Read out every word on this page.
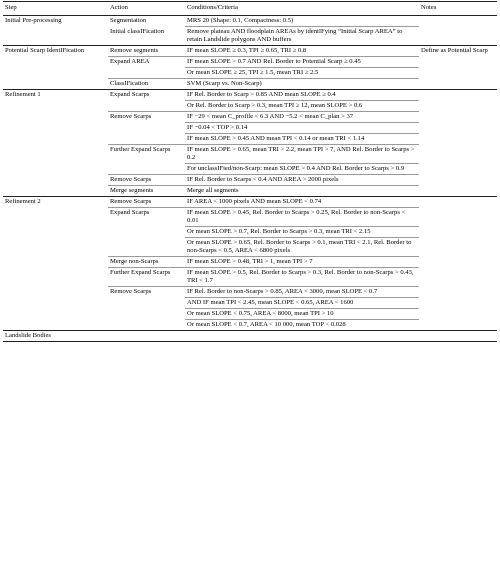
Step	Action	Conditions/Criteria	Notes
Initial Pre-processing	Segmentation	MRS 20 (Shape: 0.1, Compactness: 0.5)	
	Initial classIFication	Remove plateau AND floodplain AREAs by identIFying “Initial Scarp AREA” to retain Landslide polygons AND buffers	
Potential Scarp IdentIFication	Remove segments	IF mean SLOPE ≥ 0.3, TPI ≥ 0.65, TRI ≥ 0.8	Define as Potential Scarp
	Expand AREA	IF mean SLOPE > 0.7 AND Rel. Border to Potential Scarp ≥ 0.45	
		Or mean SLOPE ≥ 25, TPI ≥ 1.5, mean TRI ≥ 2.5	
	ClassIFication	SVM (Scarp vs. Non-Scarp)	
Refinement 1	Expand Scarps	IF Rel. Border to Scarp > 0.85 AND mean SLOPE ≥ 0.4	
		Or Rel. Border to Scarp > 0.3, mean TPI ≥ 12, mean SLOPE > 0.6	
	Remove Scarps	IF −29 < mean C_profile < 6.3 AND −5.2 < mean C_plan > 37	
		IF −0.04 < TOP > 0.14	
		IF mean SLOPE > 0.45 AND mean TPI < 0.14 or mean TRI < 1.14	
	Further Expand Scarps	IF mean SLOPE > 0.65, mean TRI > 2.2, mean TPI > 7, AND Rel. Border to Scarps > 0.2	
		For unclassIFied/non-Scarp: mean SLOPE > 0.4 AND Rel. Border to Scarps > 0.9	
	Remove Scarps	IF Rel. Border to Scarps < 0.4 AND AREA > 2000 pixels	
	Merge segments	Merge all segments	
Refinement 2	Remove Scarps	IF AREA < 1000 pixels AND mean SLOPE < 0.74	
	Expand Scarps	IF mean SLOPE > 0.45, Rel. Border to Scarps > 0.25, Rel. Border to non-Scarps < 0.01	
		Or mean SLOPE > 0.7, Rel. Border to Scarps > 0.3, mean TRI < 2.15	
		Or mean SLOPE > 0.65, Rel. Border to Scarps > 0.1, mean TRI < 2.1, Rel. Border to non-Scarps < 0.5, AREA < 6800 pixels	
	Merge non-Scarps	IF mean SLOPE > 0.48, TRI > 1, mean TPI > 7	
	Further Expand Scarps	IF mean SLOPE > 0.5, Rel. Border to Scarps > 0.3, Rel. Border to non-Scarps > 0.43, TRI < 1.7	
	Remove Scarps	IF Rel. Border to non-Scarps > 0.85, AREA < 3000, mean SLOPE < 0.7	
		AND IF mean TPI < 2.45, mean SLOPE < 0.65, AREA < 1600	
		Or mean SLOPE < 0.75, AREA < 8000, mean TPI > 10	
		Or mean SLOPE < 0.7, AREA < 10 000, mean TOP < 0.028	
Landslide Bodies			
